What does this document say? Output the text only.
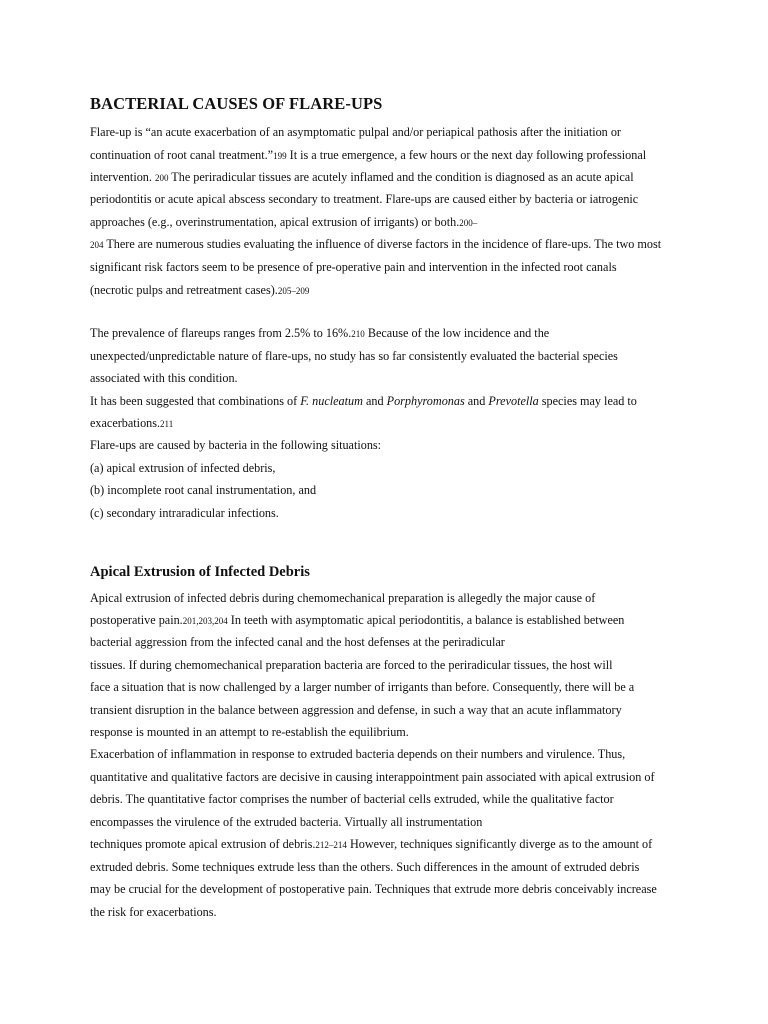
BACTERIAL CAUSES OF FLARE-UPS
Flare-up is “an acute exacerbation of an asymptomatic pulpal and/or periapical pathosis after the initiation or
continuation of root canal treatment.”199 It is a true emergence, a few hours or the next day following professional
intervention. 200 The periradicular tissues are acutely inflamed and the condition is diagnosed as an acute apical
periodontitis or acute apical abscess secondary to treatment. Flare-ups are caused either by bacteria or iatrogenic
approaches (e.g., overinstrumentation, apical extrusion of irrigants) or both.200–
204 There are numerous studies evaluating the influence of diverse factors in the incidence of flare-ups. The two most
significant risk factors seem to be presence of pre-operative pain and intervention in the infected root canals
(necrotic pulps and retreatment cases).205–209
The prevalence of flareups ranges from 2.5% to 16%.210 Because of the low incidence and the
unexpected/unpredictable nature of flare-ups, no study has so far consistently evaluated the bacterial species
associated with this condition.
It has been suggested that combinations of F. nucleatum and Porphyromonas and Prevotella species may lead to
exacerbations.211
Flare-ups are caused by bacteria in the following situations:
(a) apical extrusion of infected debris,
(b) incomplete root canal instrumentation, and
(c) secondary intraradicular infections.
Apical Extrusion of Infected Debris
Apical extrusion of infected debris during chemomechanical preparation is allegedly the major cause of
postoperative pain.201,203,204 In teeth with asymptomatic apical periodontitis, a balance is established between
bacterial aggression from the infected canal and the host defenses at the periradicular
tissues. If during chemomechanical preparation bacteria are forced to the periradicular tissues, the host will
face a situation that is now challenged by a larger number of irrigants than before. Consequently, there will be a
transient disruption in the balance between aggression and defense, in such a way that an acute inflammatory
response is mounted in an attempt to re-establish the equilibrium.
Exacerbation of inflammation in response to extruded bacteria depends on their numbers and virulence. Thus,
quantitative and qualitative factors are decisive in causing interappointment pain associated with apical extrusion of
debris. The quantitative factor comprises the number of bacterial cells extruded, while the qualitative factor
encompasses the virulence of the extruded bacteria. Virtually all instrumentation
techniques promote apical extrusion of debris.212–214 However, techniques significantly diverge as to the amount of
extruded debris. Some techniques extrude less than the others. Such differences in the amount of extruded debris
may be crucial for the development of postoperative pain. Techniques that extrude more debris conceivably increase
the risk for exacerbations.
